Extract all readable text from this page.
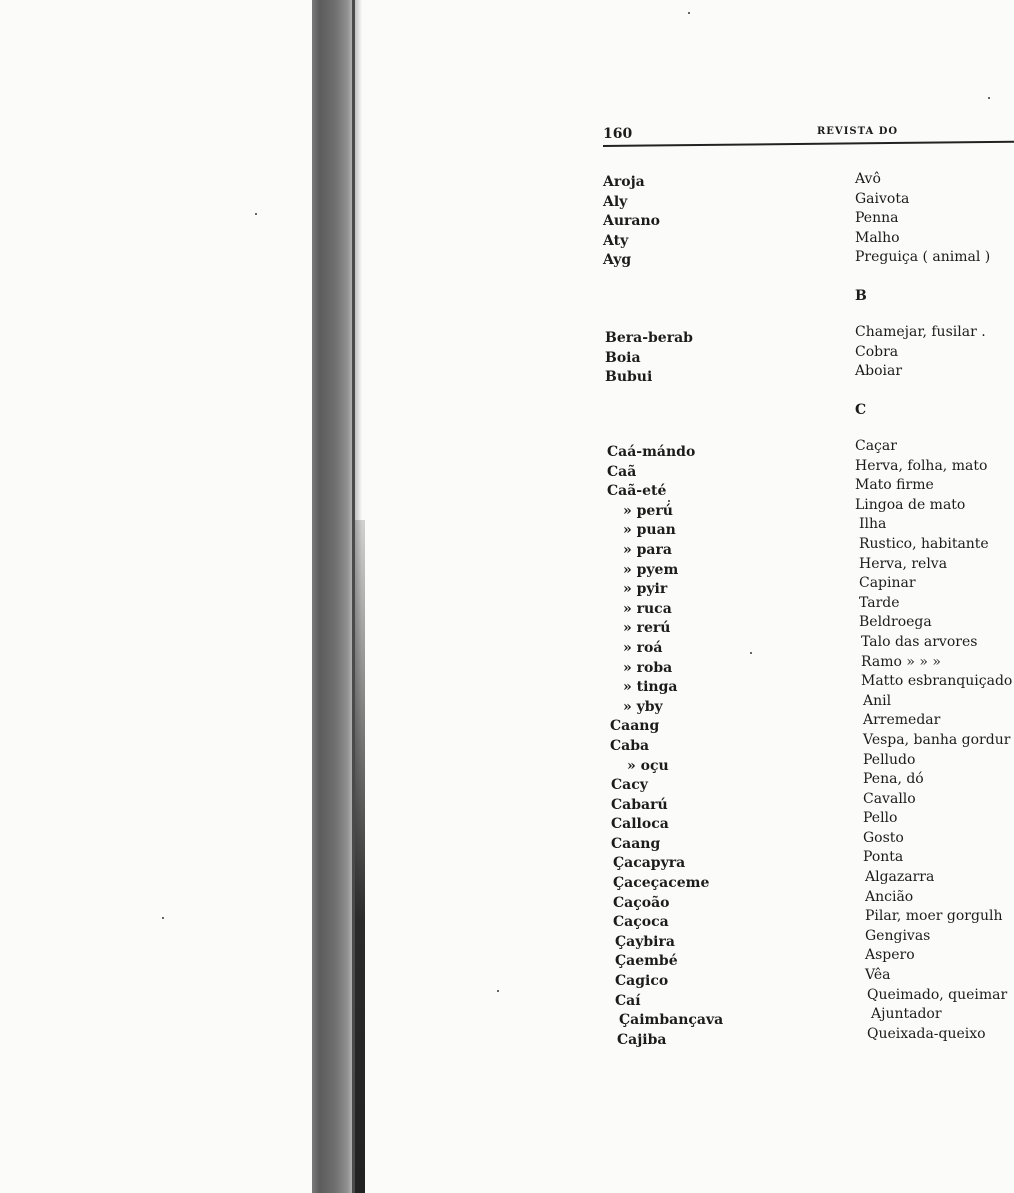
160	REVISTA DO
Aroja
Aly
Aurano
Aty
Ayg
Avô
Gaivota
Penna
Malho
Preguiça ( animal )
B
Bera-berab
Boia
Bubui
Chamejar, fusilar .
Cobra
Aboiar
C
Caá-mándo
Caã
Caã-eté
» perú
» puan
» para
» pyem
» pyir
» ruca
» rerú
» roá
» roba
» tinga
» yby
Caang
Caba
» oçu
Cacy
Cabarú
Calloca
Caang
Çacapyra
Çaceçaceme
Caçoão
Caçoca
Çaybira
Çaembé
Cagico
Caí
Çaimbançava
Cajiba
Caçar
Herva, folha, mato
Mato firme
Lingoa de mato
Ilha
Rustico, habitante
Herva, relva
Capinar
Tarde
Beldroega
Talo das arvores
Ramo » » »
Matto esbranquiçado
Anil
Arremedar
Vespa, banha gordur
Pelludo
Pena, dó
Cavallo
Pello
Gosto
Ponta
Algazarra
Ancião
Pilar, moer gorgulh
Gengivas
Aspero
Vêa
Queimado, queimar
Ajuntador
Queixada-queixo
